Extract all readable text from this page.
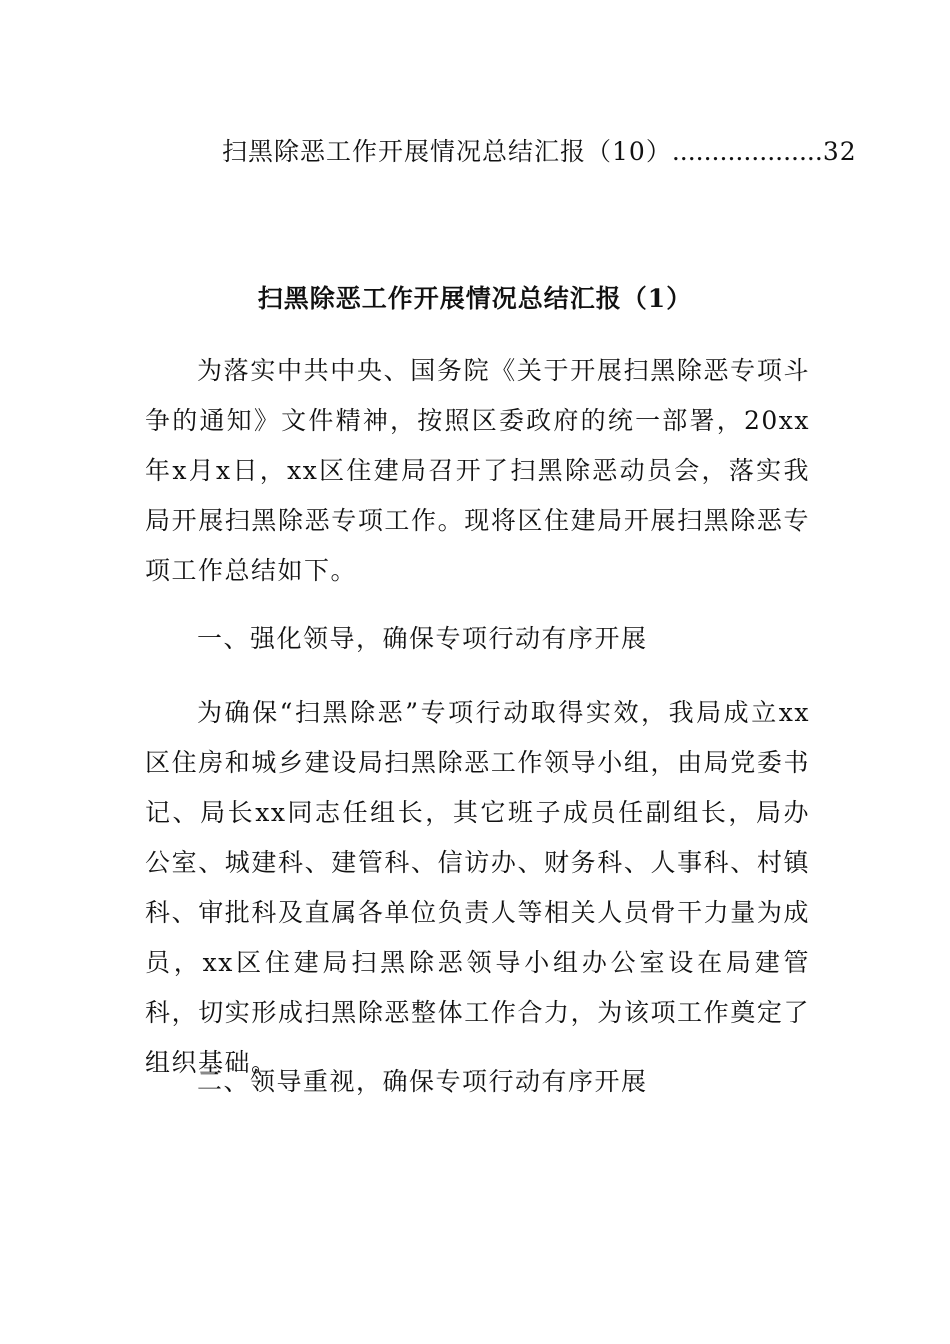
扫黑除恶工作开展情况总结汇报（10）...................32
扫黑除恶工作开展情况总结汇报（1）
为落实中共中央、国务院《关于开展扫黑除恶专项斗争的通知》文件精神，按照区委政府的统一部署，20xx年x月x日，xx区住建局召开了扫黑除恶动员会，落实我局开展扫黑除恶专项工作。现将区住建局开展扫黑除恶专项工作总结如下。
一、强化领导，确保专项行动有序开展
为确保“扫黑除恶”专项行动取得实效，我局成立xx区住房和城乡建设局扫黑除恶工作领导小组，由局党委书记、局长xx同志任组长，其它班子成员任副组长，局办公室、城建科、建管科、信访办、财务科、人事科、村镇科、审批科及直属各单位负责人等相关人员骨干力量为成员，xx区住建局扫黑除恶领导小组办公室设在局建管科，切实形成扫黑除恶整体工作合力，为该项工作奠定了组织基础。
二、领导重视，确保专项行动有序开展
